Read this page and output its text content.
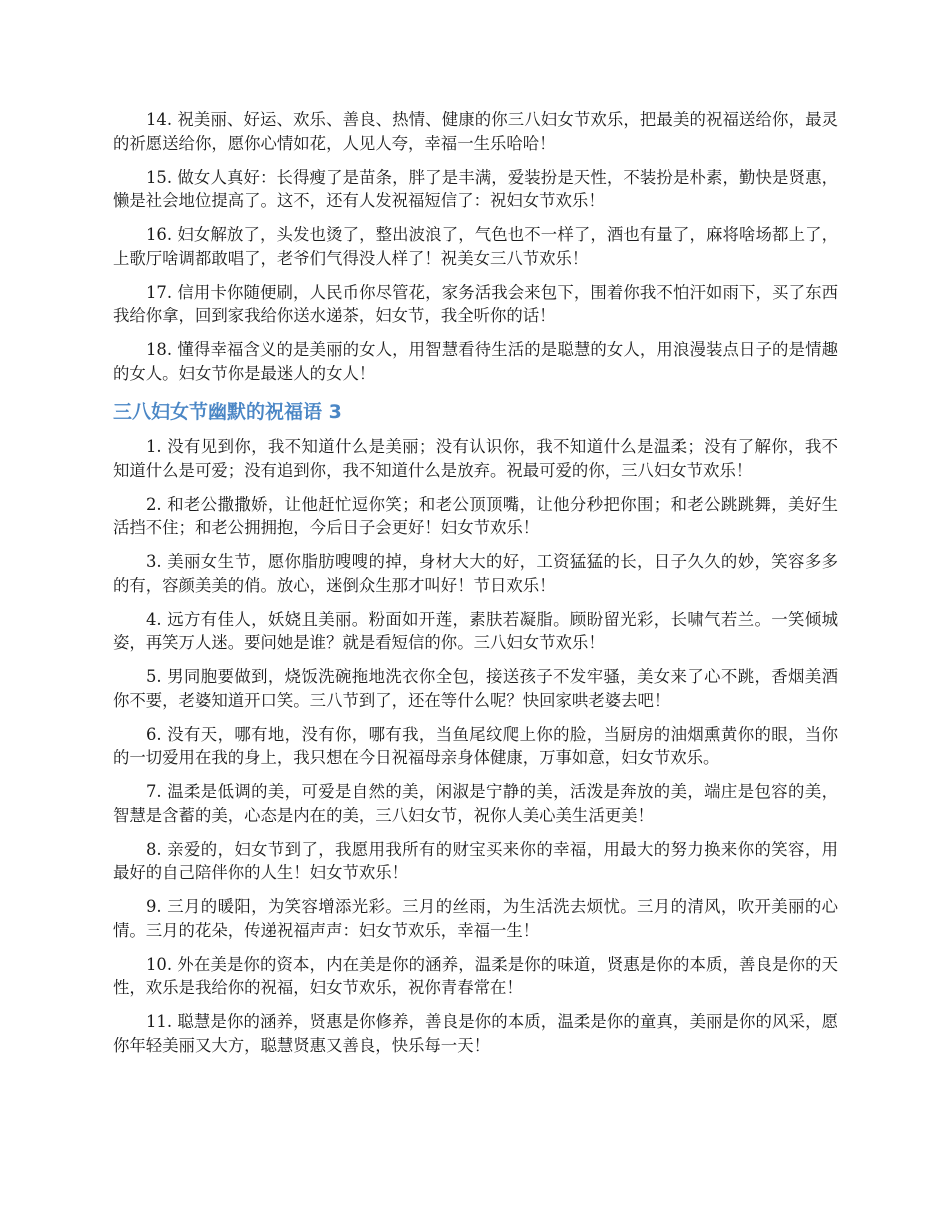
14. 祝美丽、好运、欢乐、善良、热情、健康的你三八妇女节欢乐，把最美的祝福送给你，最灵的祈愿送给你，愿你心情如花，人见人夸，幸福一生乐哈哈！

15. 做女人真好：长得瘦了是苗条，胖了是丰满，爱装扮是天性，不装扮是朴素，勤快是贤惠，懒是社会地位提高了。这不，还有人发祝福短信了：祝妇女节欢乐！

16. 妇女解放了，头发也烫了，整出波浪了，气色也不一样了，酒也有量了，麻将啥场都上了，上歌厅啥调都敢唱了，老爷们气得没人样了！祝美女三八节欢乐！

17. 信用卡你随便刷，人民币你尽管花，家务活我会来包下，围着你我不怕汗如雨下，买了东西我给你拿，回到家我给你送水递茶，妇女节，我全听你的话！

18. 懂得幸福含义的是美丽的女人，用智慧看待生活的是聪慧的女人，用浪漫装点日子的是情趣的女人。妇女节你是最迷人的女人！

三八妇女节幽默的祝福语 3

1. 没有见到你，我不知道什么是美丽；没有认识你，我不知道什么是温柔；没有了解你，我不知道什么是可爱；没有追到你，我不知道什么是放弃。祝最可爱的你，三八妇女节欢乐！

2. 和老公撒撒娇，让他赶忙逗你笑；和老公顶顶嘴，让他分秒把你围；和老公跳跳舞，美好生活挡不住；和老公拥拥抱，今后日子会更好！妇女节欢乐！

3. 美丽女生节，愿你脂肪嗖嗖的掉，身材大大的好，工资猛猛的长，日子久久的妙，笑容多多的有，容颜美美的俏。放心，迷倒众生那才叫好！节日欢乐！

4. 远方有佳人，妖娆且美丽。粉面如开莲，素肤若凝脂。顾盼留光彩，长啸气若兰。一笑倾城姿，再笑万人迷。要问她是谁？就是看短信的你。三八妇女节欢乐！

5. 男同胞要做到，烧饭洗碗拖地洗衣你全包，接送孩子不发牢骚，美女来了心不跳，香烟美酒你不要，老婆知道开口笑。三八节到了，还在等什么呢？快回家哄老婆去吧！

6. 没有天，哪有地，没有你，哪有我，当鱼尾纹爬上你的脸，当厨房的油烟熏黄你的眼，当你的一切爱用在我的身上，我只想在今日祝福母亲身体健康，万事如意，妇女节欢乐。

7. 温柔是低调的美，可爱是自然的美，闲淑是宁静的美，活泼是奔放的美，端庄是包容的美，智慧是含蓄的美，心态是内在的美，三八妇女节，祝你人美心美生活更美！

8. 亲爱的，妇女节到了，我愿用我所有的财宝买来你的幸福，用最大的努力换来你的笑容，用最好的自己陪伴你的人生！妇女节欢乐！

9. 三月的暖阳，为笑容增添光彩。三月的丝雨，为生活洗去烦忧。三月的清风，吹开美丽的心情。三月的花朵，传递祝福声声：妇女节欢乐，幸福一生！

10. 外在美是你的资本，内在美是你的涵养，温柔是你的味道，贤惠是你的本质，善良是你的天性，欢乐是我给你的祝福，妇女节欢乐，祝你青春常在！

11. 聪慧是你的涵养，贤惠是你修养，善良是你的本质，温柔是你的童真，美丽是你的风采，愿你年轻美丽又大方，聪慧贤惠又善良，快乐每一天！
